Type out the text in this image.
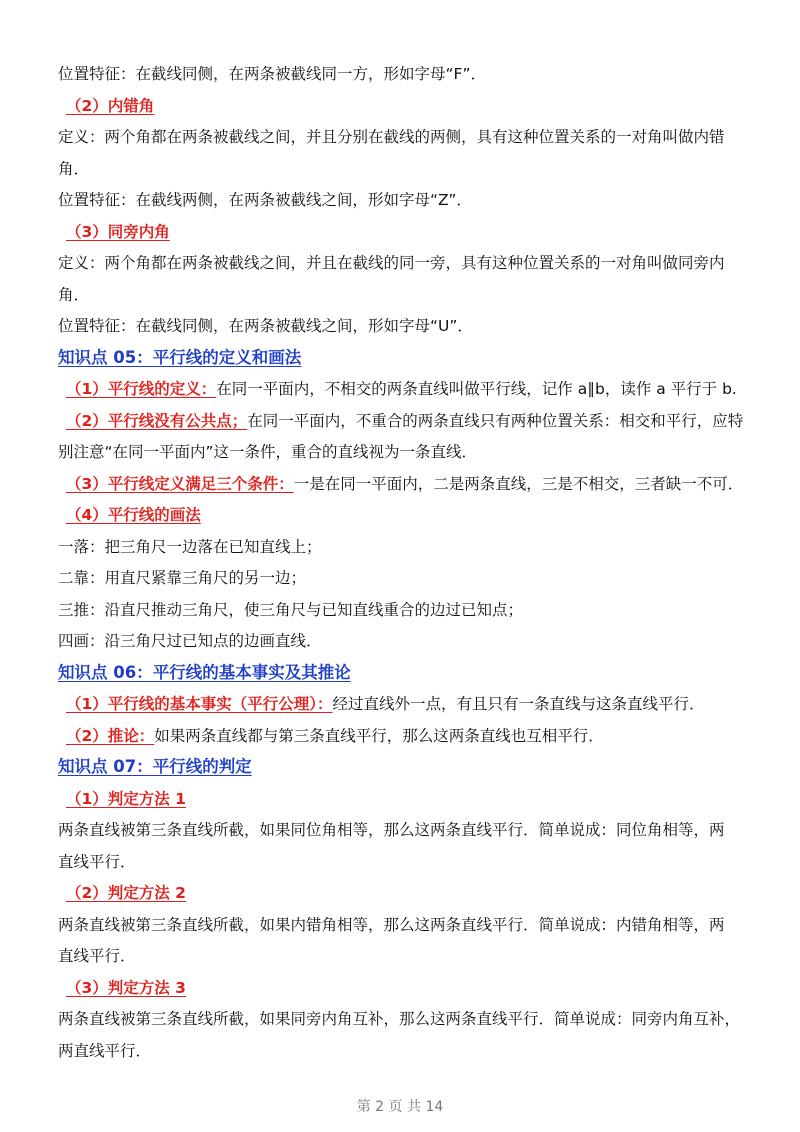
位置特征：在截线同侧，在两条被截线同一方，形如字母“F”．
（2）内错角
定义：两个角都在两条被截线之间，并且分别在截线的两侧，具有这种位置关系的一对角叫做内错
角．
位置特征：在截线两侧，在两条被截线之间，形如字母“Z”．
（3）同旁内角
定义：两个角都在两条被截线之间，并且在截线的同一旁，具有这种位置关系的一对角叫做同旁内
角．
位置特征：在截线同侧，在两条被截线之间，形如字母“U”．
知识点 05：平行线的定义和画法
（1）平行线的定义：在同一平面内，不相交的两条直线叫做平行线，记作 a∥b，读作 a 平行于 b.
（2）平行线没有公共点；在同一平面内，不重合的两条直线只有两种位置关系：相交和平行，应特
别注意“在同一平面内”这一条件，重合的直线视为一条直线．
（3）平行线定义满足三个条件：一是在同一平面内，二是两条直线，三是不相交，三者缺一不可．
（4）平行线的画法
一落：把三角尺一边落在已知直线上；
二靠：用直尺紧靠三角尺的另一边；
三推：沿直尺推动三角尺，使三角尺与已知直线重合的边过已知点；
四画：沿三角尺过已知点的边画直线．
知识点 06：平行线的基本事实及其推论
（1）平行线的基本事实（平行公理）：经过直线外一点，有且只有一条直线与这条直线平行．
（2）推论：如果两条直线都与第三条直线平行，那么这两条直线也互相平行．
知识点 07：平行线的判定
（1）判定方法 1
两条直线被第三条直线所截，如果同位角相等，那么这两条直线平行．简单说成：同位角相等，两
直线平行．
（2）判定方法 2
两条直线被第三条直线所截，如果内错角相等，那么这两条直线平行．简单说成：内错角相等，两
直线平行．
（3）判定方法 3
两条直线被第三条直线所截，如果同旁内角互补，那么这两条直线平行．简单说成：同旁内角互补，
两直线平行．
第 2 页 共 14
